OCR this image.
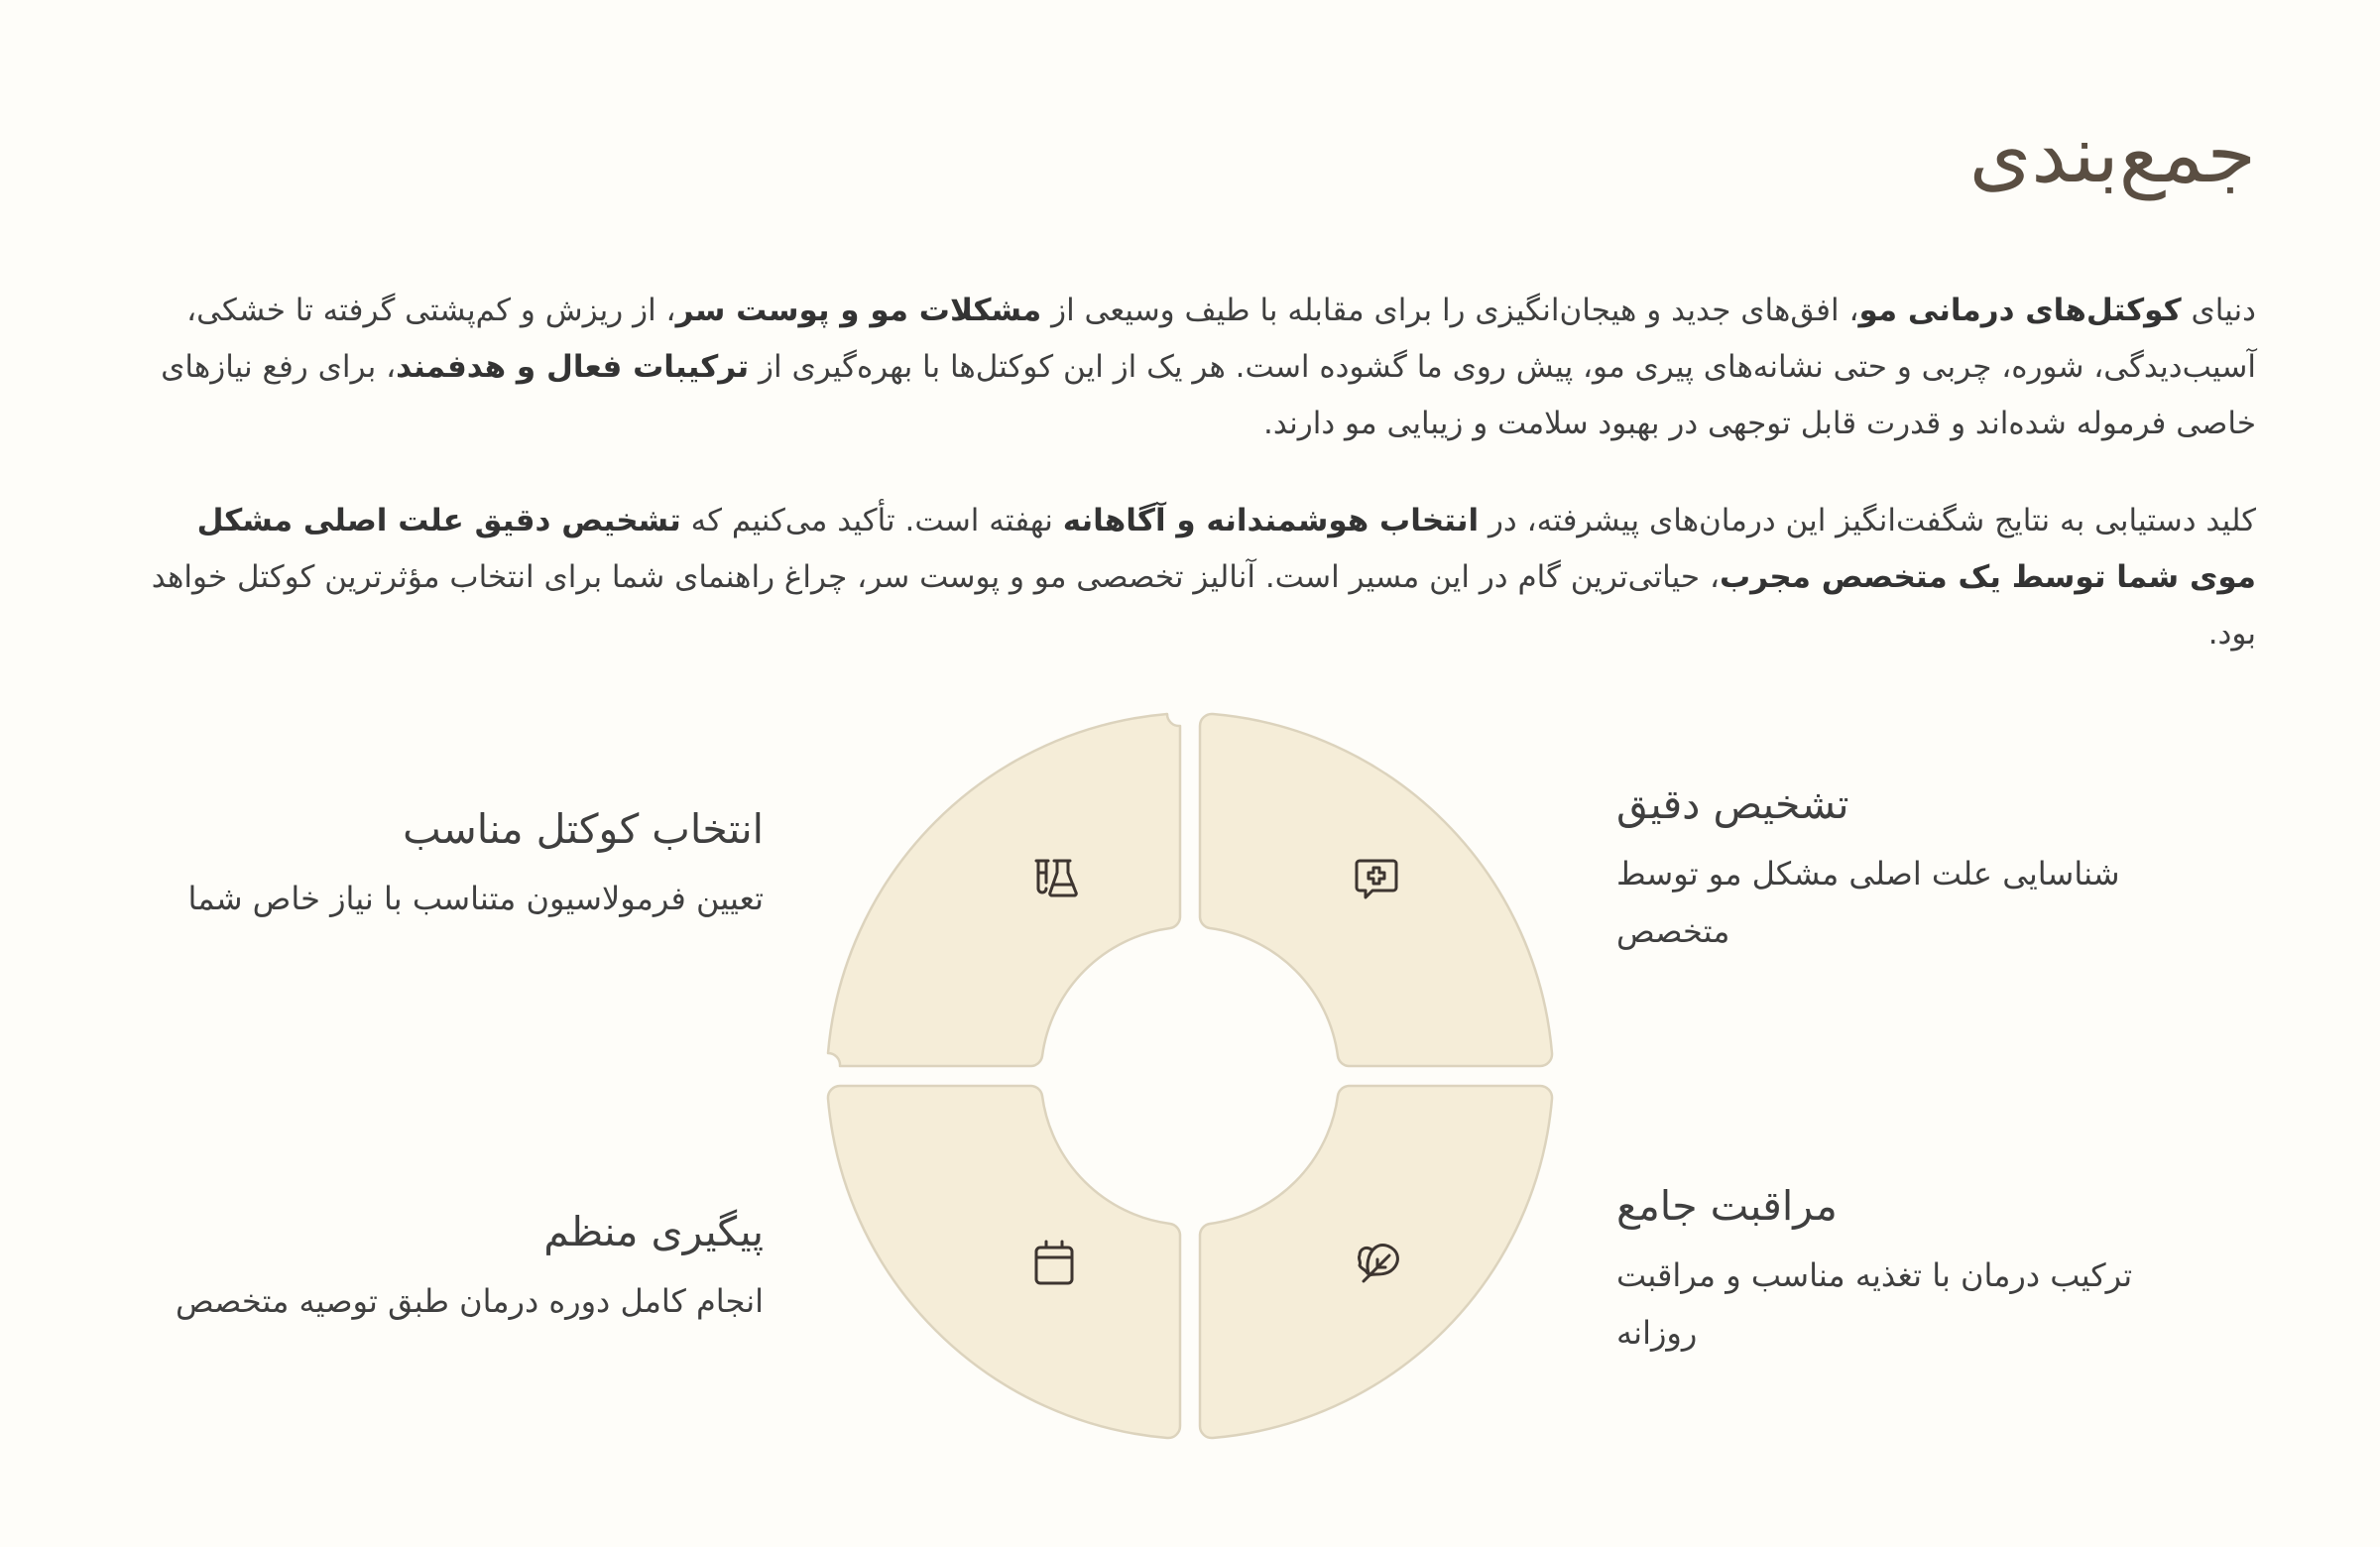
جمع‌بندی

دنیای کوکتل‌های درمانی مو، افق‌های جدید و هیجان‌انگیزی را برای مقابله با طیف وسیعی از مشکلات مو و پوست سر، از ریزش و کم‌پشتی گرفته تا خشکی، آسیب‌دیدگی، شوره، چربی و حتی نشانه‌های پیری مو، پیش روی ما گشوده است. هر یک از این کوکتل‌ها با بهره‌گیری از ترکیبات فعال و هدفمند، برای رفع نیازهای خاصی فرموله شده‌اند و قدرت قابل توجهی در بهبود سلامت و زیبایی مو دارند.

کلید دستیابی به نتایج شگفت‌انگیز این درمان‌های پیشرفته، در انتخاب هوشمندانه و آگاهانه نهفته است. تأکید می‌کنیم که تشخیص دقیق علت اصلی مشکل موی شما توسط یک متخصص مجرب، حیاتی‌ترین گام در این مسیر است. آنالیز تخصصی مو و پوست سر، چراغ راهنمای شما برای انتخاب مؤثرترین کوکتل خواهد بود.

تشخیص دقیق

شناسایی علت اصلی مشکل مو توسط متخصص

انتخاب کوکتل مناسب

تعیین فرمولاسیون متناسب با نیاز خاص شما

مراقبت جامع

ترکیب درمان با تغذیه مناسب و مراقبت روزانه

پیگیری منظم

انجام کامل دوره درمان طبق توصیه متخصص
